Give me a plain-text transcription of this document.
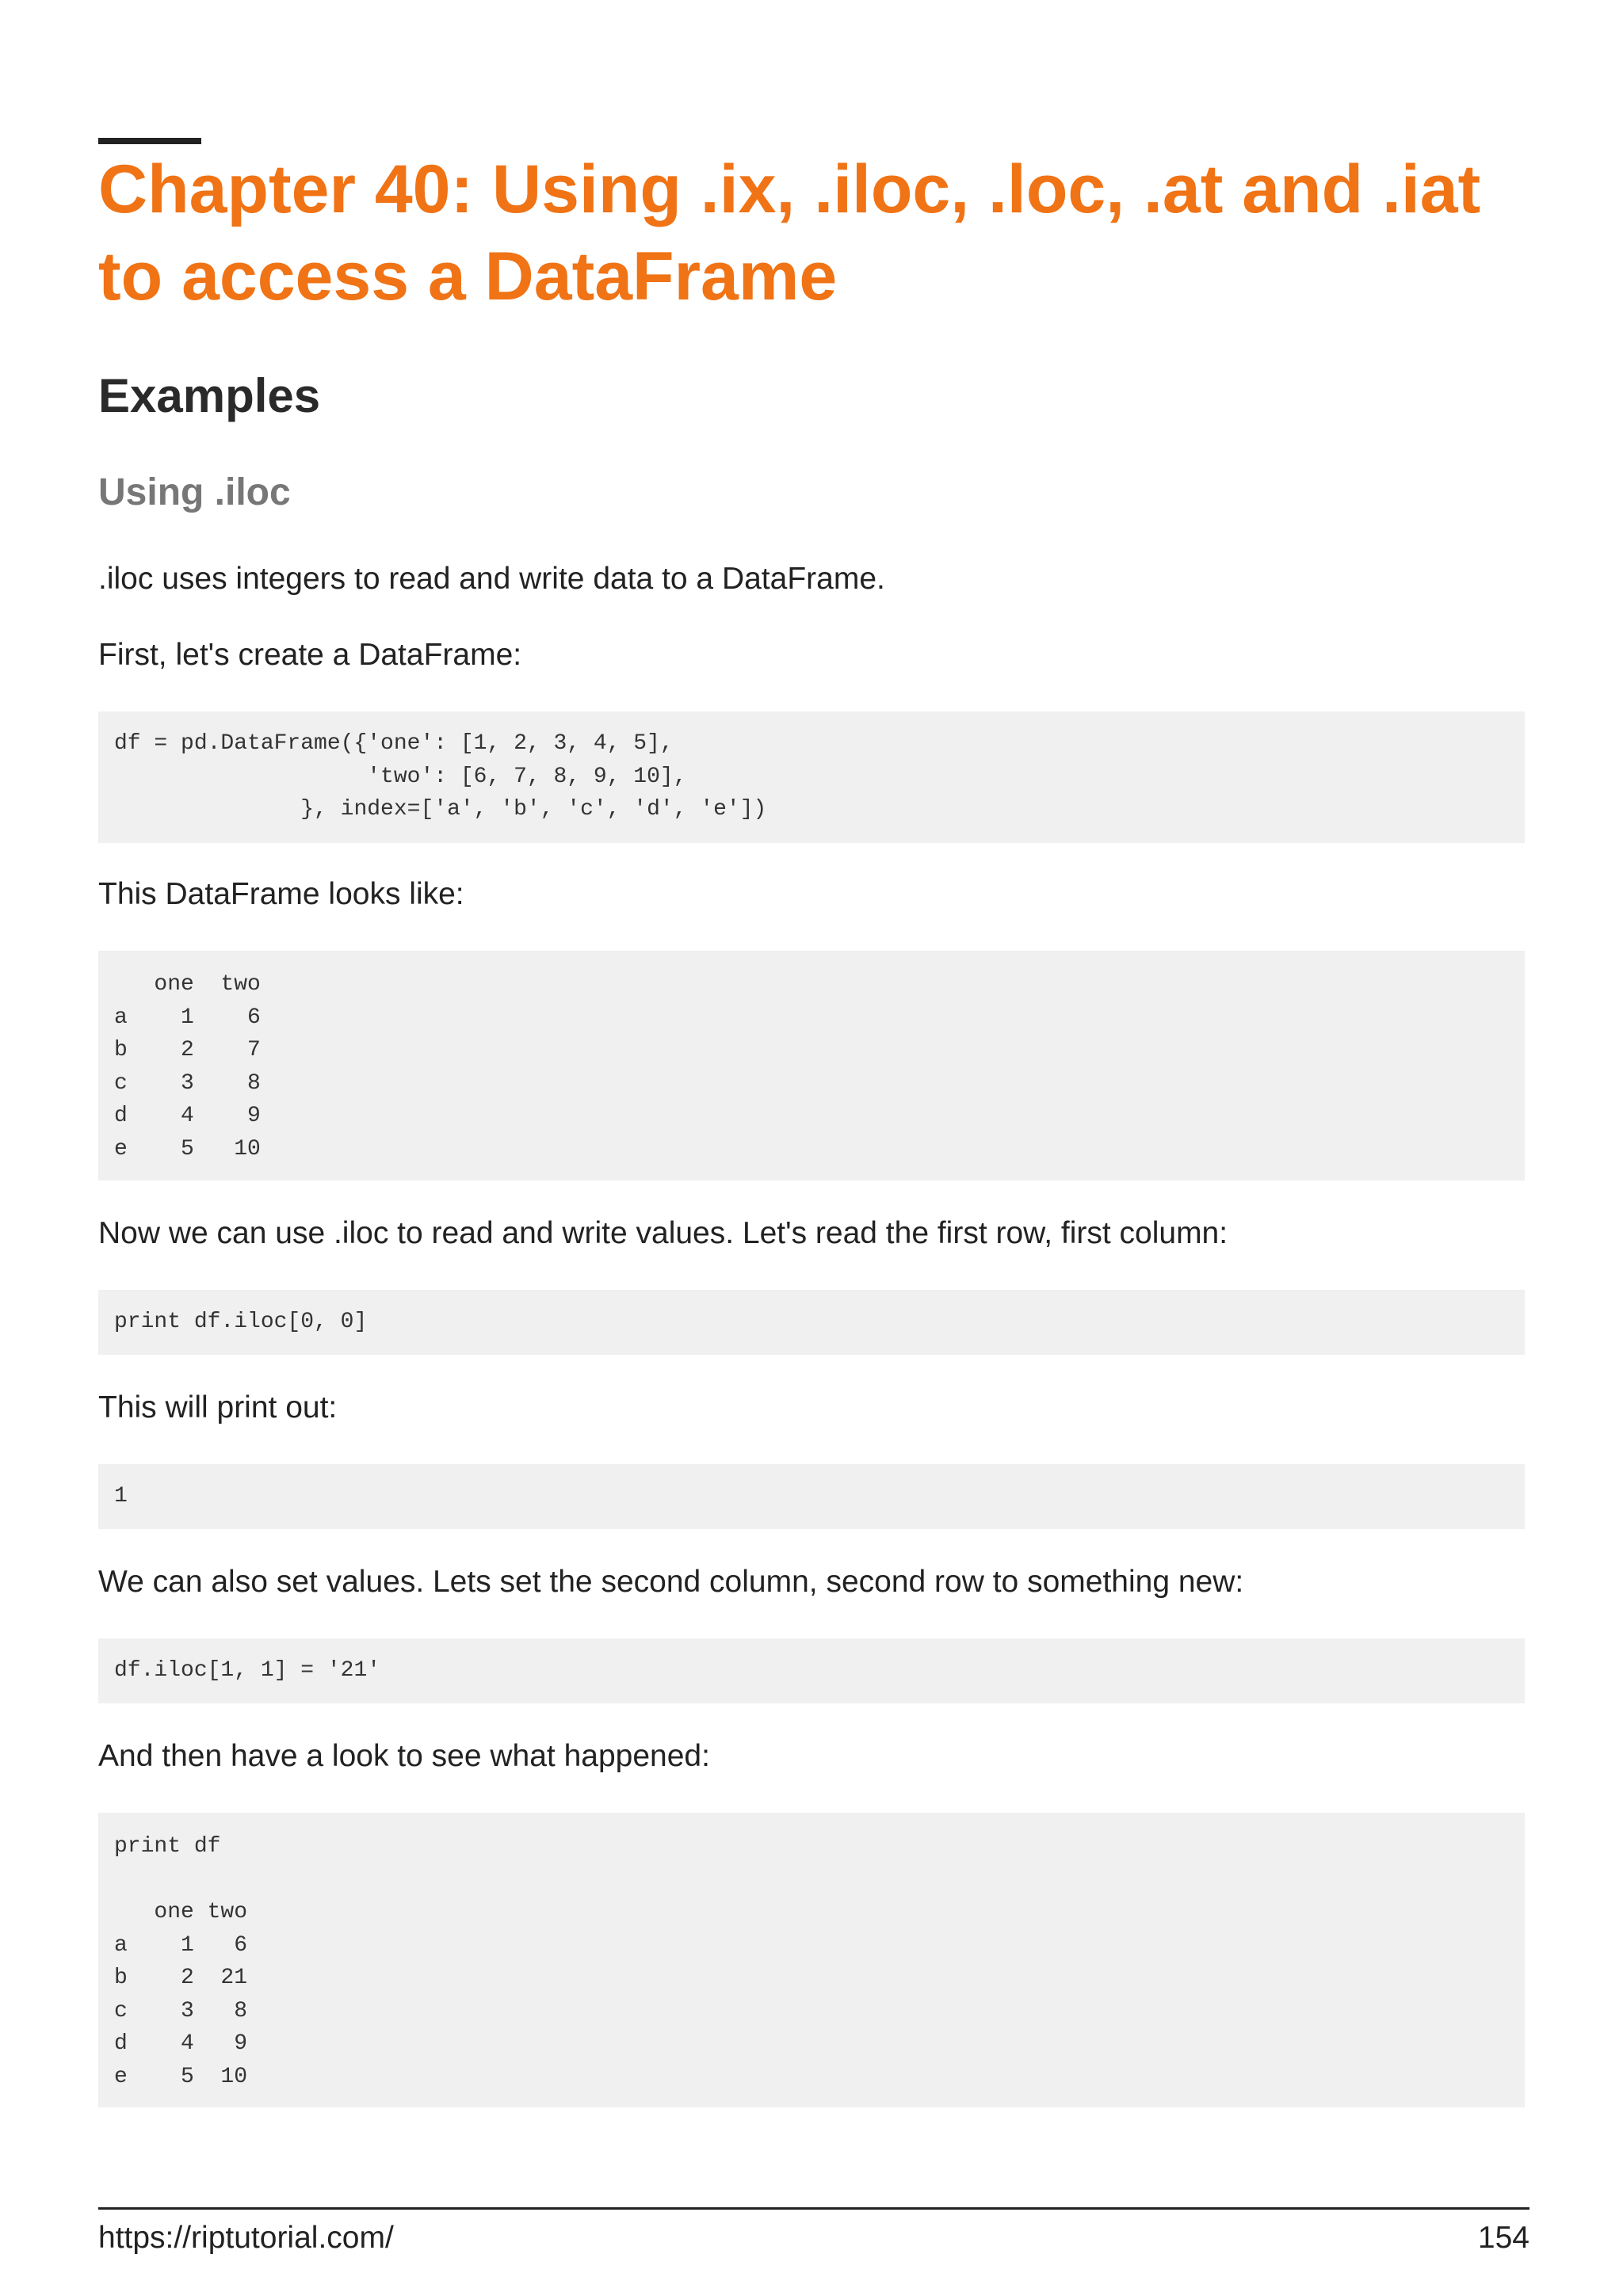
Chapter 40: Using .ix, .iloc, .loc, .at and .iat to access a DataFrame
Examples
Using .iloc

.iloc uses integers to read and write data to a DataFrame.

First, let's create a DataFrame:

df = pd.DataFrame({'one': [1, 2, 3, 4, 5],
'two': [6, 7, 8, 9, 10],
}, index=['a', 'b', 'c', 'd', 'e'])

This DataFrame looks like:

one  two
a    1    6
b    2    7
c    3    8
d    4    9
e    5   10

Now we can use .iloc to read and write values. Let's read the first row, first column:

print df.iloc[0, 0]

This will print out:

1

We can also set values. Lets set the second column, second row to something new:

df.iloc[1, 1] = '21'

And then have a look to see what happened:

print df

one two
a    1   6
b    2  21
c    3   8
d    4   9
e    5  10
https://riptutorial.com/	154
